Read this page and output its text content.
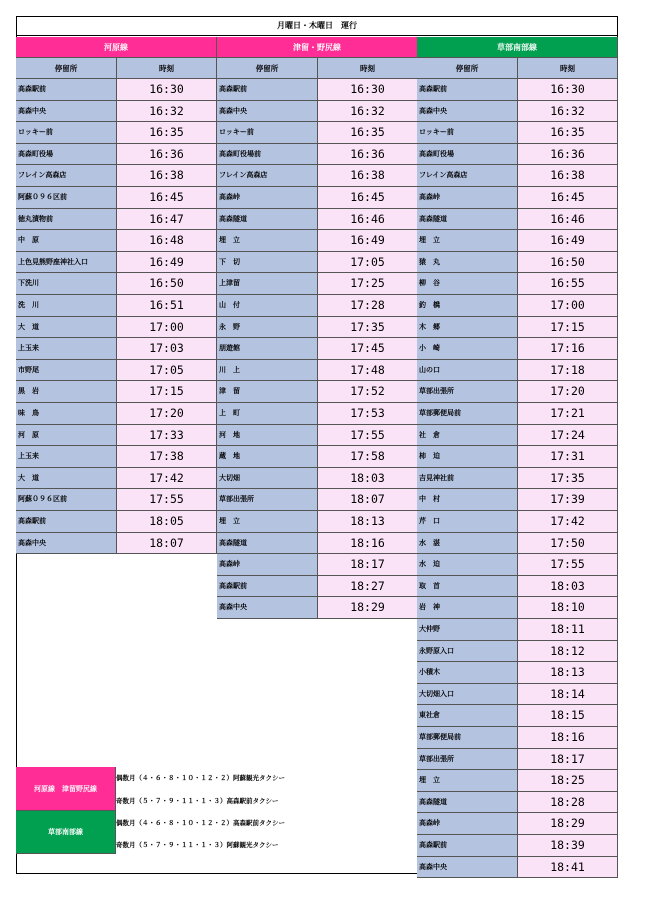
月曜日・木曜日　運行
河原線
停留所	時刻
高森駅前	16:30
高森中央	16:32
ロッキー前	16:35
高森町役場	16:36
フレイン高森店	16:38
阿蘇０９６区前	16:45
徳丸漬物前	16:47
中　原	16:48
上色見熊野座神社入口	16:49
下洗川	16:50
洗　川	16:51
大　道	17:00
上玉来	17:03
市野尾	17:05
黒　岩	17:15
味　鳥	17:20
河　原	17:33
上玉来	17:38
大　道	17:42
阿蘇０９６区前	17:55
高森駅前	18:05
高森中央	18:07
津留・野尻線
停留所	時刻
高森駅前	16:30
高森中央	16:32
ロッキー前	16:35
高森町役場前	16:36
フレイン高森店	16:38
高森峠	16:45
高森隧道	16:46
埋　立	16:49
下　切	17:05
上津留	17:25
山　付	17:28
永　野	17:35
朋遊館	17:45
川　上	17:48
津　留	17:52
上　町	17:53
河　地	17:55
蔵　地	17:58
大切畑	18:03
草部出張所	18:07
埋　立	18:13
高森隧道	18:16
高森峠	18:17
高森駅前	18:27
高森中央	18:29
草部南部線
停留所	時刻
高森駅前	16:30
高森中央	16:32
ロッキー前	16:35
高森町役場	16:36
フレイン高森店	16:38
高森峠	16:45
高森隧道	16:46
埋　立	16:49
猿　丸	16:50
柳　谷	16:55
釣　橋	17:00
木　郷	17:15
小　崎	17:16
山の口	17:18
草部出張所	17:20
草部郵便局前	17:21
社　倉	17:24
柿　迫	17:31
吉見神社前	17:35
中　村	17:39
芹　口	17:42
水　湛	17:50
水　迫	17:55
取　首	18:03
岩　神	18:10
大仲野	18:11
永野原入口	18:12
小積木	18:13
大切畑入口	18:14
東社倉	18:15
草部郵便局前	18:16
草部出張所	18:17
埋　立	18:25
高森隧道	18:28
高森峠	18:29
高森駅前	18:39
高森中央	18:41
河原線　津留野尻線
偶数月（４・６・８・１０・１２・２）阿蘇観光タクシー
奇数月（５・７・９・１１・１・３）高森駅前タクシー
草部南部線
偶数月（４・６・８・１０・１２・２）高森駅前タクシー
奇数月（５・７・９・１１・１・３）阿蘇観光タクシー
